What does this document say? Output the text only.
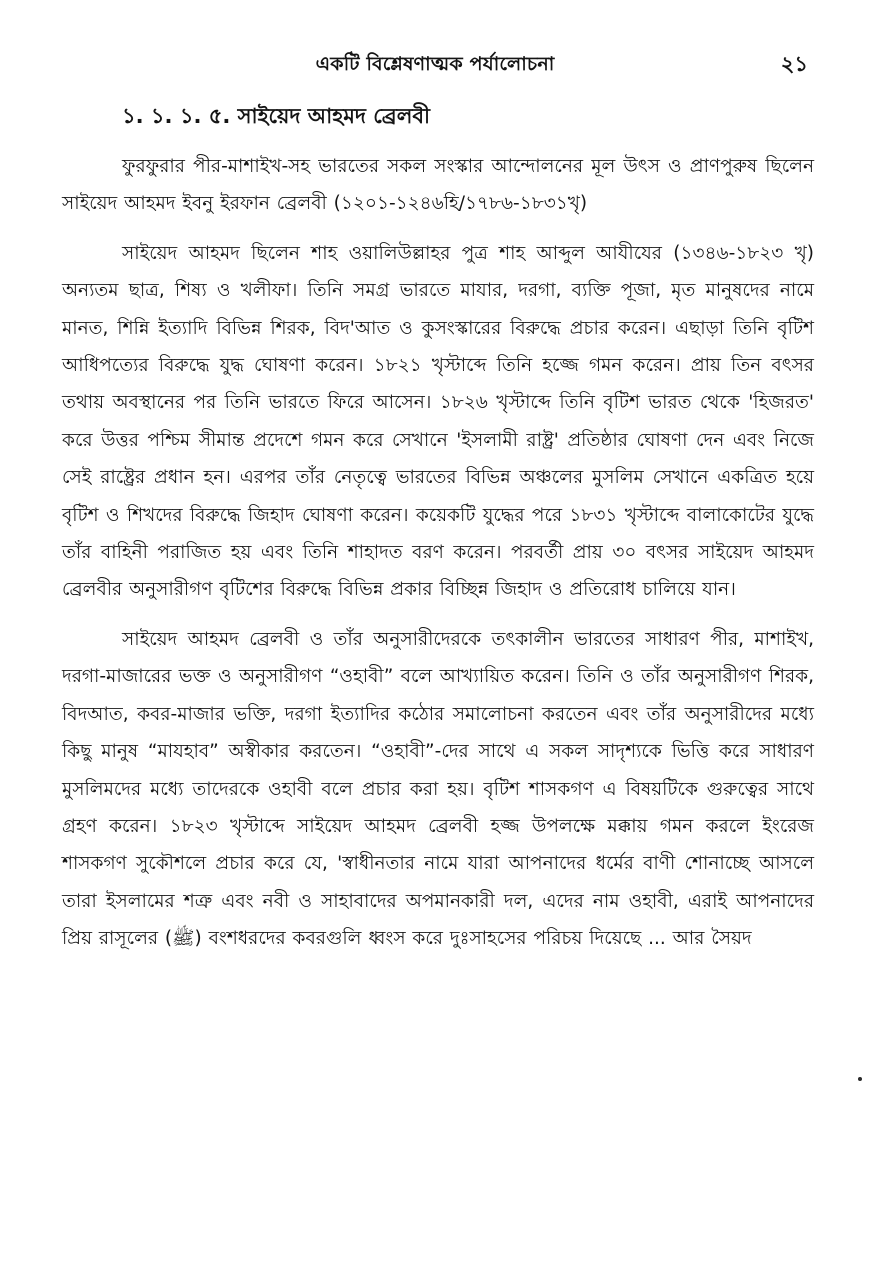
একটি বিশ্লেষণাত্মক পর্যালোচনা	২১
১. ১. ১. ৫. সাইয়েদ আহমদ ব্রেলবী

ফুরফুরার পীর-মাশাইখ-সহ ভারতের সকল সংস্কার আন্দোলনের মূল উৎস ও প্রাণপুরুষ ছিলেন সাইয়েদ আহমদ ইবনু ইরফান ব্রেলবী (১২০১-১২৪৬হি/১৭৮৬-১৮৩১খৃ)

সাইয়েদ আহমদ ছিলেন শাহ ওয়ালিউল্লাহর পুত্র শাহ আব্দুল আযীযের (১৩৪৬-১৮২৩ খৃ) অন্যতম ছাত্র, শিষ্য ও খলীফা। তিনি সমগ্র ভারতে মাযার, দরগা, ব্যক্তি পূজা, মৃত মানুষদের নামে মানত, শিন্নি ইত্যাদি বিভিন্ন শিরক, বিদ'আত ও কুসংস্কারের বিরুদ্ধে প্রচার করেন। এছাড়া তিনি বৃটিশ আধিপত্যের বিরুদ্ধে যুদ্ধ ঘোষণা করেন। ১৮২১ খৃস্টাব্দে তিনি হজ্জে গমন করেন। প্রায় তিন বৎসর তথায় অবস্থানের পর তিনি ভারতে ফিরে আসেন। ১৮২৬ খৃস্টাব্দে তিনি বৃটিশ ভারত থেকে 'হিজরত' করে উত্তর পশ্চিম সীমান্ত প্রদেশে গমন করে সেখানে 'ইসলামী রাষ্ট্র' প্রতিষ্ঠার ঘোষণা দেন এবং নিজে সেই রাষ্ট্রের প্রধান হন। এরপর তাঁর নেতৃত্বে ভারতের বিভিন্ন অঞ্চলের মুসলিম সেখানে একত্রিত হয়ে বৃটিশ ও শিখদের বিরুদ্ধে জিহাদ ঘোষণা করেন। কয়েকটি যুদ্ধের পরে ১৮৩১ খৃস্টাব্দে বালাকোটের যুদ্ধে তাঁর বাহিনী পরাজিত হয় এবং তিনি শাহাদত বরণ করেন। পরবর্তী প্রায় ৩০ বৎসর সাইয়েদ আহমদ ব্রেলবীর অনুসারীগণ বৃটিশের বিরুদ্ধে বিভিন্ন প্রকার বিচ্ছিন্ন জিহাদ ও প্রতিরোধ চালিয়ে যান।

সাইয়েদ আহমদ ব্রেলবী ও তাঁর অনুসারীদেরকে তৎকালীন ভারতের সাধারণ পীর, মাশাইখ, দরগা-মাজারের ভক্ত ও অনুসারীগণ “ওহাবী” বলে আখ্যায়িত করেন। তিনি ও তাঁর অনুসারীগণ শিরক, বিদআত, কবর-মাজার ভক্তি, দরগা ইত্যাদির কঠোর সমালোচনা করতেন এবং তাঁর অনুসারীদের মধ্যে কিছু মানুষ “মাযহাব” অস্বীকার করতেন। “ওহাবী”-দের সাথে এ সকল সাদৃশ্যকে ভিত্তি করে সাধারণ মুসলিমদের মধ্যে তাদেরকে ওহাবী বলে প্রচার করা হয়। বৃটিশ শাসকগণ এ বিষয়টিকে গুরুত্বের সাথে গ্রহণ করেন। ১৮২৩ খৃস্টাব্দে সাইয়েদ আহমদ ব্রেলবী হজ্জ উপলক্ষে মক্কায় গমন করলে ইংরেজ শাসকগণ সুকৌশলে প্রচার করে যে, 'স্বাধীনতার নামে যারা আপনাদের ধর্মের বাণী শোনাচ্ছে আসলে তারা ইসলামের শত্রু এবং নবী ও সাহাবাদের অপমানকারী দল, এদের নাম ওহাবী, এরাই আপনাদের প্রিয় রাসূলের (ﷺ) বংশধরদের কবরগুলি ধ্বংস করে দুঃসাহসের পরিচয় দিয়েছে ... আর সৈয়দ
